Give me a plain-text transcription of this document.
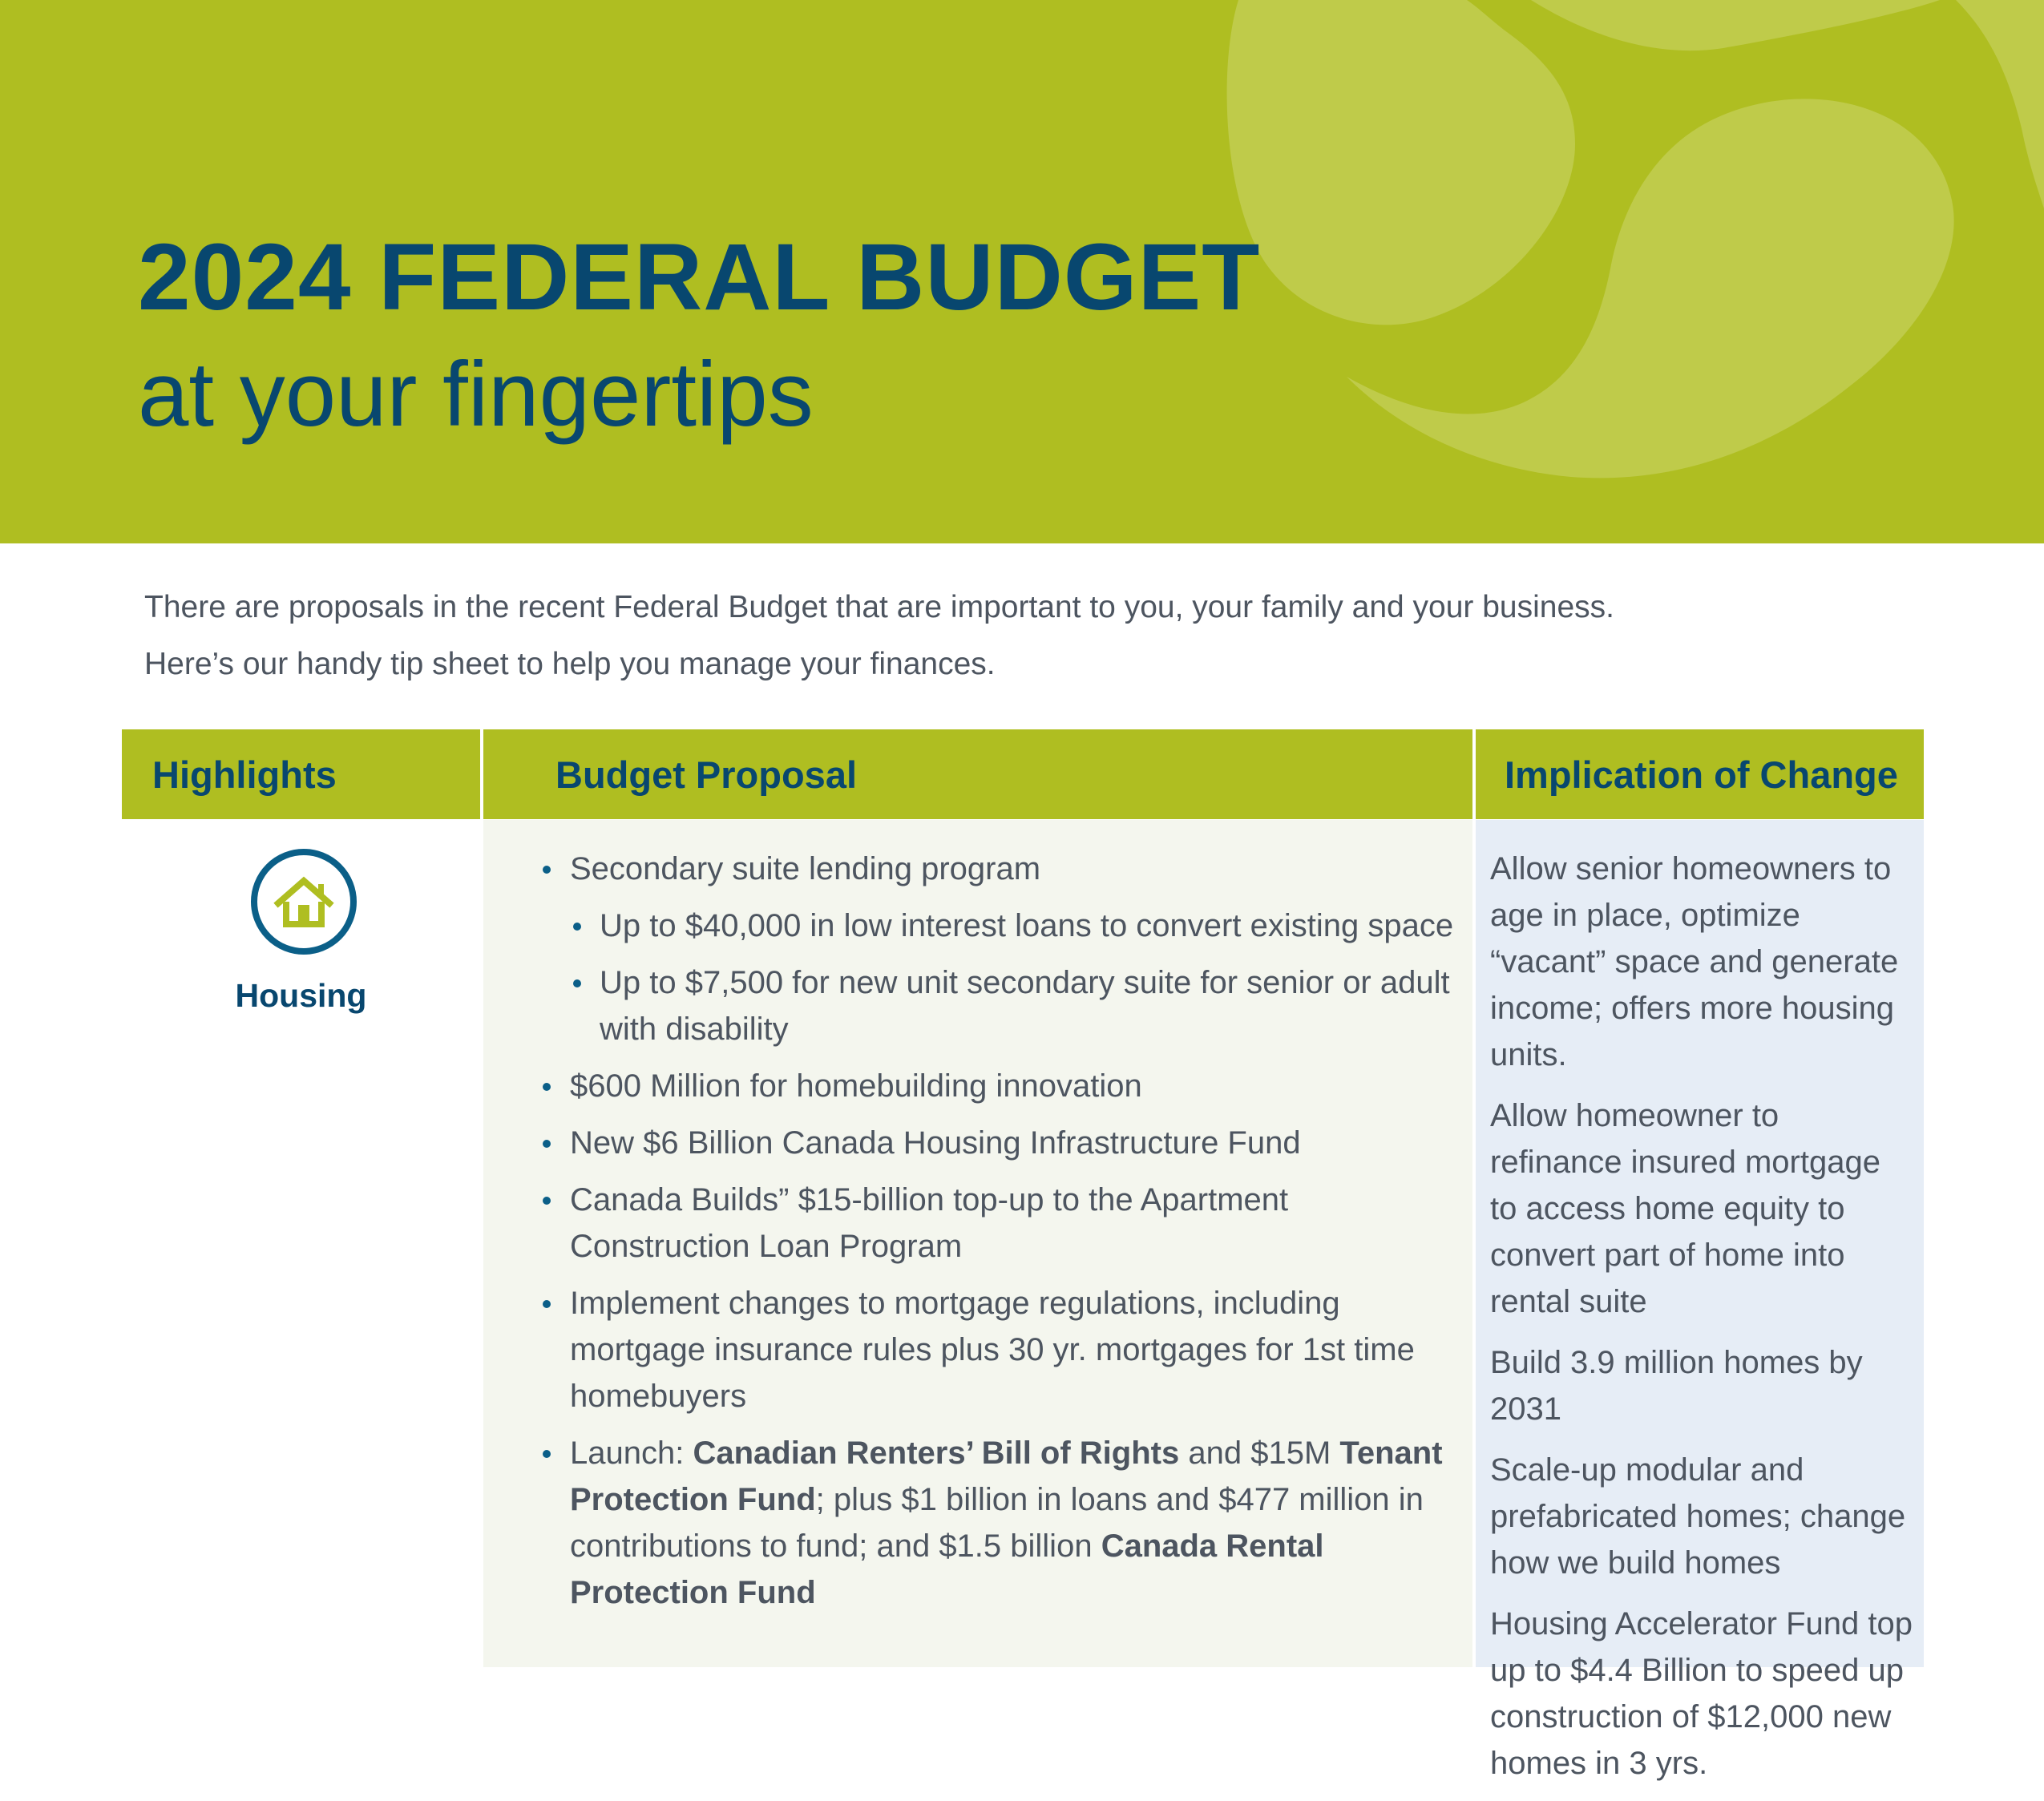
2024 FEDERAL BUDGET
at your fingertips

There are proposals in the recent Federal Budget that are important to you, your family and your business.

Here’s our handy tip sheet to help you manage your finances.

Highlights
Housing
Budget Proposal
Secondary suite lending program
Up to $40,000 in low interest loans to convert existing space
Up to $7,500 for new unit secondary suite for senior or adult with disability
$600 Million for homebuilding innovation
New $6 Billion Canada Housing Infrastructure Fund
Canada Builds” $15-billion top-up to the Apartment Construction Loan Program
Implement changes to mortgage regulations, including mortgage insurance rules plus 30 yr. mortgages for 1st time homebuyers
Launch: Canadian Renters’ Bill of Rights and $15M Tenant Protection Fund; plus $1 billion in loans and $477 million in contributions to fund; and $1.5 billion Canada Rental Protection Fund
Implication of Change

Allow senior homeowners to age in place, optimize “vacant” space and generate income; offers more housing units.

Allow homeowner to refinance insured mortgage to access home equity to convert part of home into rental suite

Build 3.9 million homes by 2031

Scale-up modular and prefabricated homes; change how we build homes

Housing Accelerator Fund top up to $4.4 Billion to speed up construction of $12,000 new homes in 3 yrs.
